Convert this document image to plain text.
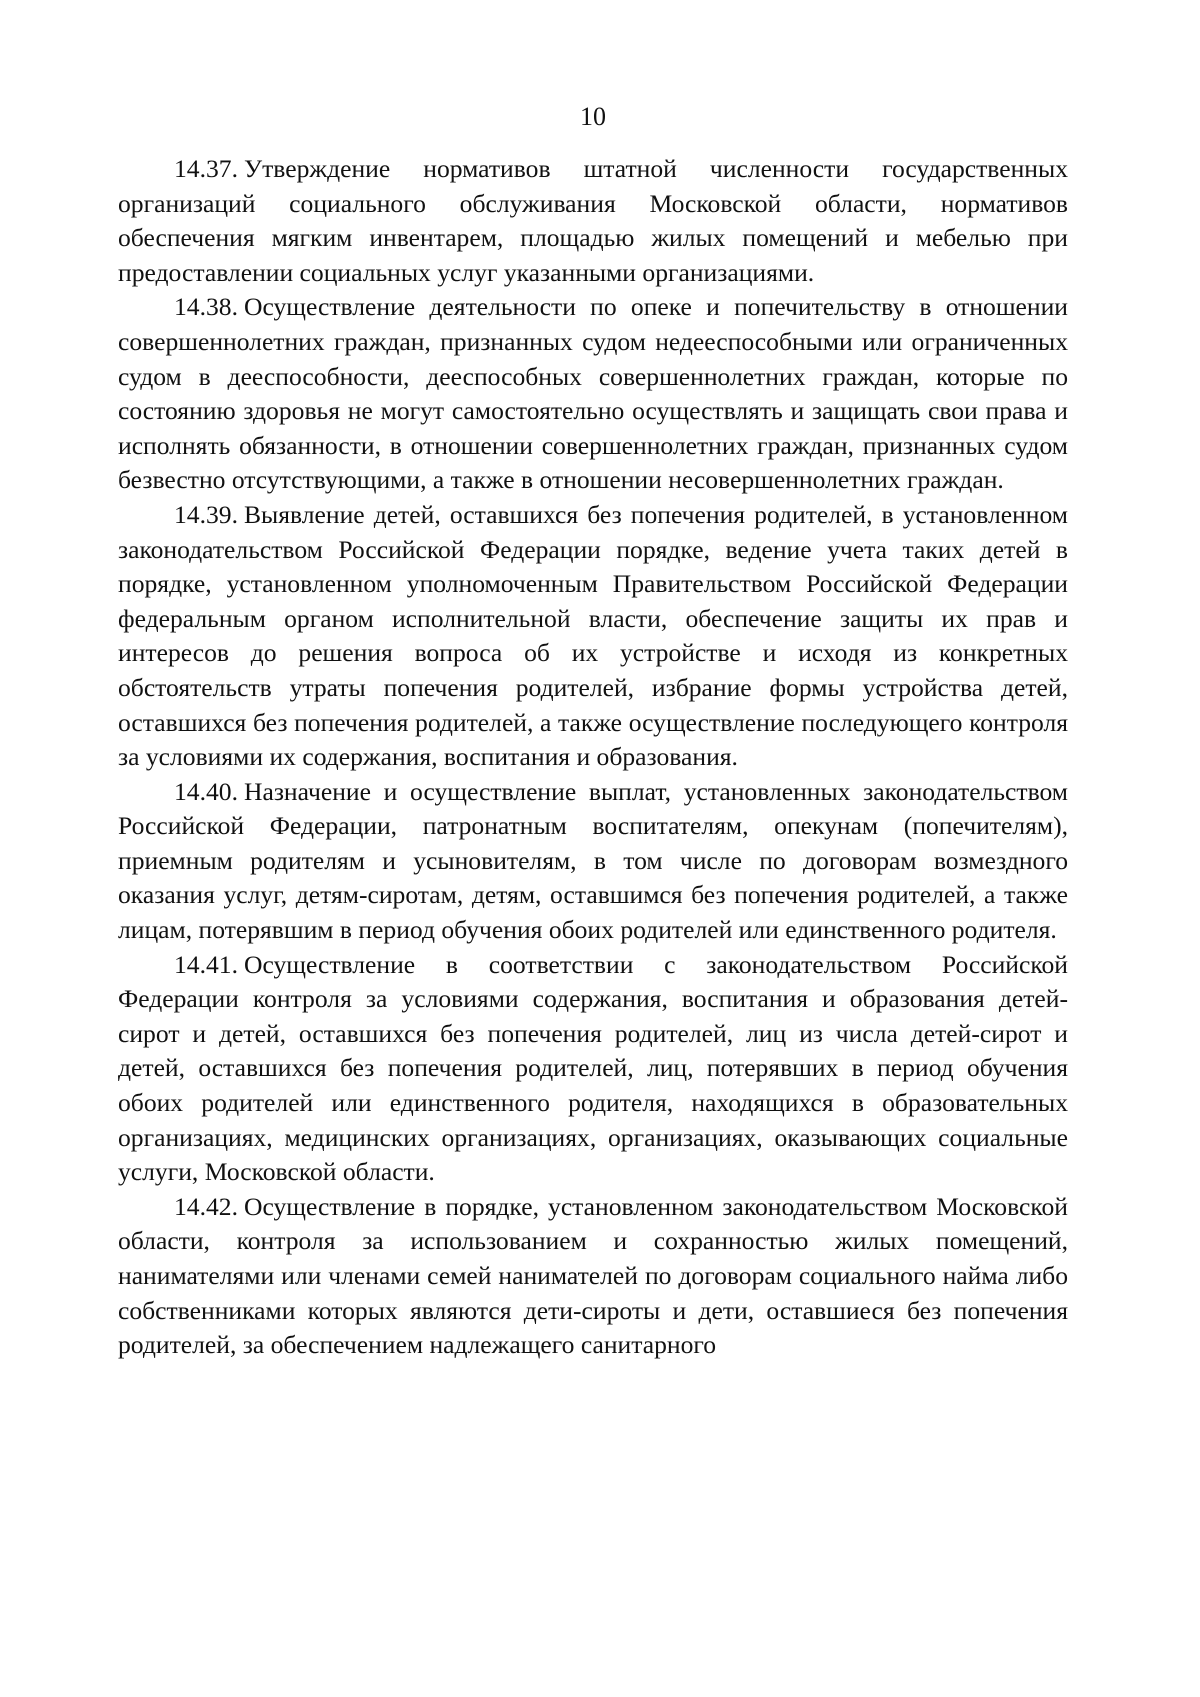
10

14.37. Утверждение нормативов штатной численности государственных организаций социального обслуживания Московской области, нормативов обеспечения мягким инвентарем, площадью жилых помещений и мебелью при предоставлении социальных услуг указанными организациями.

14.38. Осуществление деятельности по опеке и попечительству в отношении совершеннолетних граждан, признанных судом недееспособными или ограниченных судом в дееспособности, дееспособных совершеннолетних граждан, которые по состоянию здоровья не могут самостоятельно осуществлять и защищать свои права и исполнять обязанности, в отношении совершеннолетних граждан, признанных судом безвестно отсутствующими, а также в отношении несовершеннолетних граждан.

14.39. Выявление детей, оставшихся без попечения родителей, в установленном законодательством Российской Федерации порядке, ведение учета таких детей в порядке, установленном уполномоченным Правительством Российской Федерации федеральным органом исполнительной власти, обеспечение защиты их прав и интересов до решения вопроса об их устройстве и исходя из конкретных обстоятельств утраты попечения родителей, избрание формы устройства детей, оставшихся без попечения родителей, а также осуществление последующего контроля за условиями их содержания, воспитания и образования.

14.40. Назначение и осуществление выплат, установленных законодательством Российской Федерации, патронатным воспитателям, опекунам (попечителям), приемным родителям и усыновителям, в том числе по договорам возмездного оказания услуг, детям-сиротам, детям, оставшимся без попечения родителей, а также лицам, потерявшим в период обучения обоих родителей или единственного родителя.

14.41. Осуществление в соответствии с законодательством Российской Федерации контроля за условиями содержания, воспитания и образования детей-сирот и детей, оставшихся без попечения родителей, лиц из числа детей-сирот и детей, оставшихся без попечения родителей, лиц, потерявших в период обучения обоих родителей или единственного родителя, находящихся в образовательных организациях, медицинских организациях, организациях, оказывающих социальные услуги, Московской области.

14.42. Осуществление в порядке, установленном законодательством Московской области, контроля за использованием и сохранностью жилых помещений, нанимателями или членами семей нанимателей по договорам социального найма либо собственниками которых являются дети-сироты и дети, оставшиеся без попечения родителей, за обеспечением надлежащего санитарного
